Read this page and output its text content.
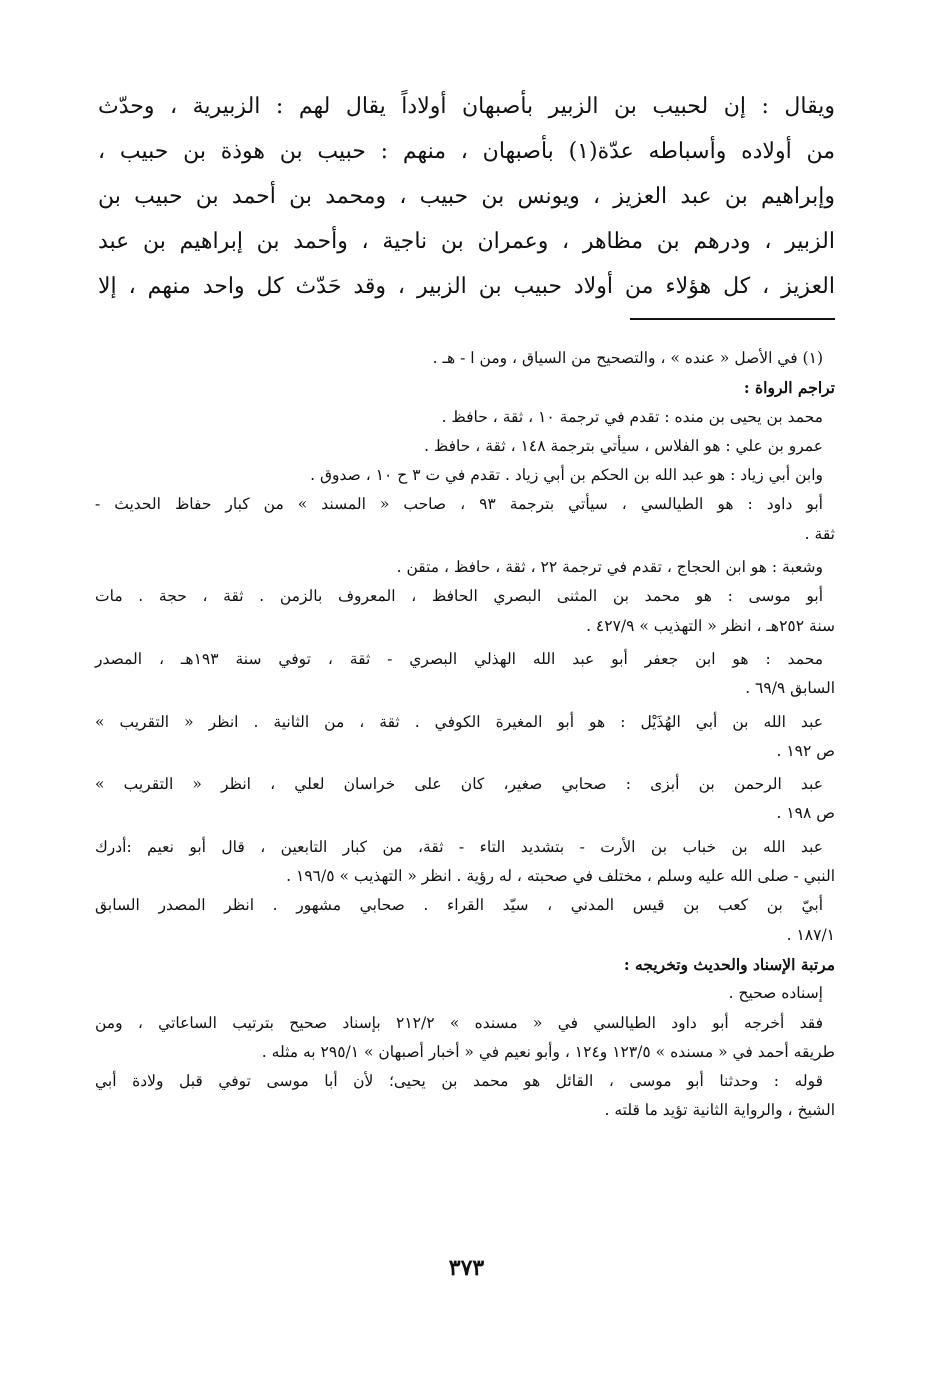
ويقال : إن لحبيب بن الزبير بأصبهان أولاداً يقال لهم : الزبيرية ، وحدّث
من أولاده وأسباطه عدّة(١) بأصبهان ، منهم : حبيب بن هوذة بن حبيب ،
وإبراهيم بن عبد العزيز ، ويونس بن حبيب ، ومحمد بن أحمد بن حبيب بن
الزبير ، ودرهم بن مظاهر ، وعمران بن ناجية ، وأحمد بن إبراهيم بن عبد
العزيز ، كل هؤلاء من أولاد حبيب بن الزبير ، وقد حَدّث كل واحد منهم ، إلا
(١) في الأصل « عنده » ، والتصحيح من السياق ، ومن ا - هـ .
تراجم الرواة :
محمد بن يحيى بن منده : تقدم في ترجمة ١٠ ، ثقة ، حافظ .
عمرو بن علي : هو الفلاس ، سيأتي بترجمة ١٤٨ ، ثقة ، حافظ .
وابن أبي زياد : هو عبد الله بن الحكم بن أبي زياد . تقدم في ت ٣ ح ١٠ ، صدوق .
أبو داود : هو الطيالسي ، سيأتي بترجمة ٩٣ ، صاحب « المسند » من كبار حفاظ الحديث -
ثقة .
وشعبة : هو ابن الحجاج ، تقدم في ترجمة ٢٢ ، ثقة ، حافظ ، متقن .
أبو موسى : هو محمد بن المثنى البصري الحافظ ، المعروف بالزمن . ثقة ، حجة . مات
سنة ٢٥٢هـ ، انظر « التهذيب » ٤٢٧/٩ .
محمد : هو ابن جعفر أبو عبد الله الهذلي البصري - ثقة ، توفي سنة ١٩٣هـ ، المصدر
السابق ٦٩/٩ .
عبد الله بن أبي الهُذَيْل : هو أبو المغيرة الكوفي . ثقة ، من الثانية . انظر « التقريب »
ص ١٩٢ .
عبد الرحمن بن أبزى : صحابي صغير، كان على خراسان لعلي ، انظر « التقريب »
ص ١٩٨ .
عبد الله بن خباب بن الأرت - بتشديد التاء - ثقة، من كبار التابعين ، قال أبو نعيم :أدرك
النبي - صلى الله عليه وسلم ، مختلف في صحبته ، له رؤية . انظر « التهذيب » ١٩٦/٥ .
أبيّ بن كعب بن قيس المدني ، سيّد القراء . صحابي مشهور . انظر المصدر السابق
١٨٧/١ .
مرتبة الإسناد والحديث وتخريجه :
إسناده صحيح .
فقد أخرجه أبو داود الطيالسي في « مسنده » ٢١٢/٢ بإسناد صحيح بترتيب الساعاتي ، ومن
طريقه أحمد في « مسنده » ١٢٣/٥ و١٢٤ ، وأبو نعيم في « أخبار أصبهان » ٢٩٥/١ به مثله .
قوله : وحدثنا أبو موسى ، القائل هو محمد بن يحيى؛ لأن أبا موسى توفي قبل ولادة أبي
الشيخ ، والرواية الثانية تؤيد ما قلته .
٣٧٣
